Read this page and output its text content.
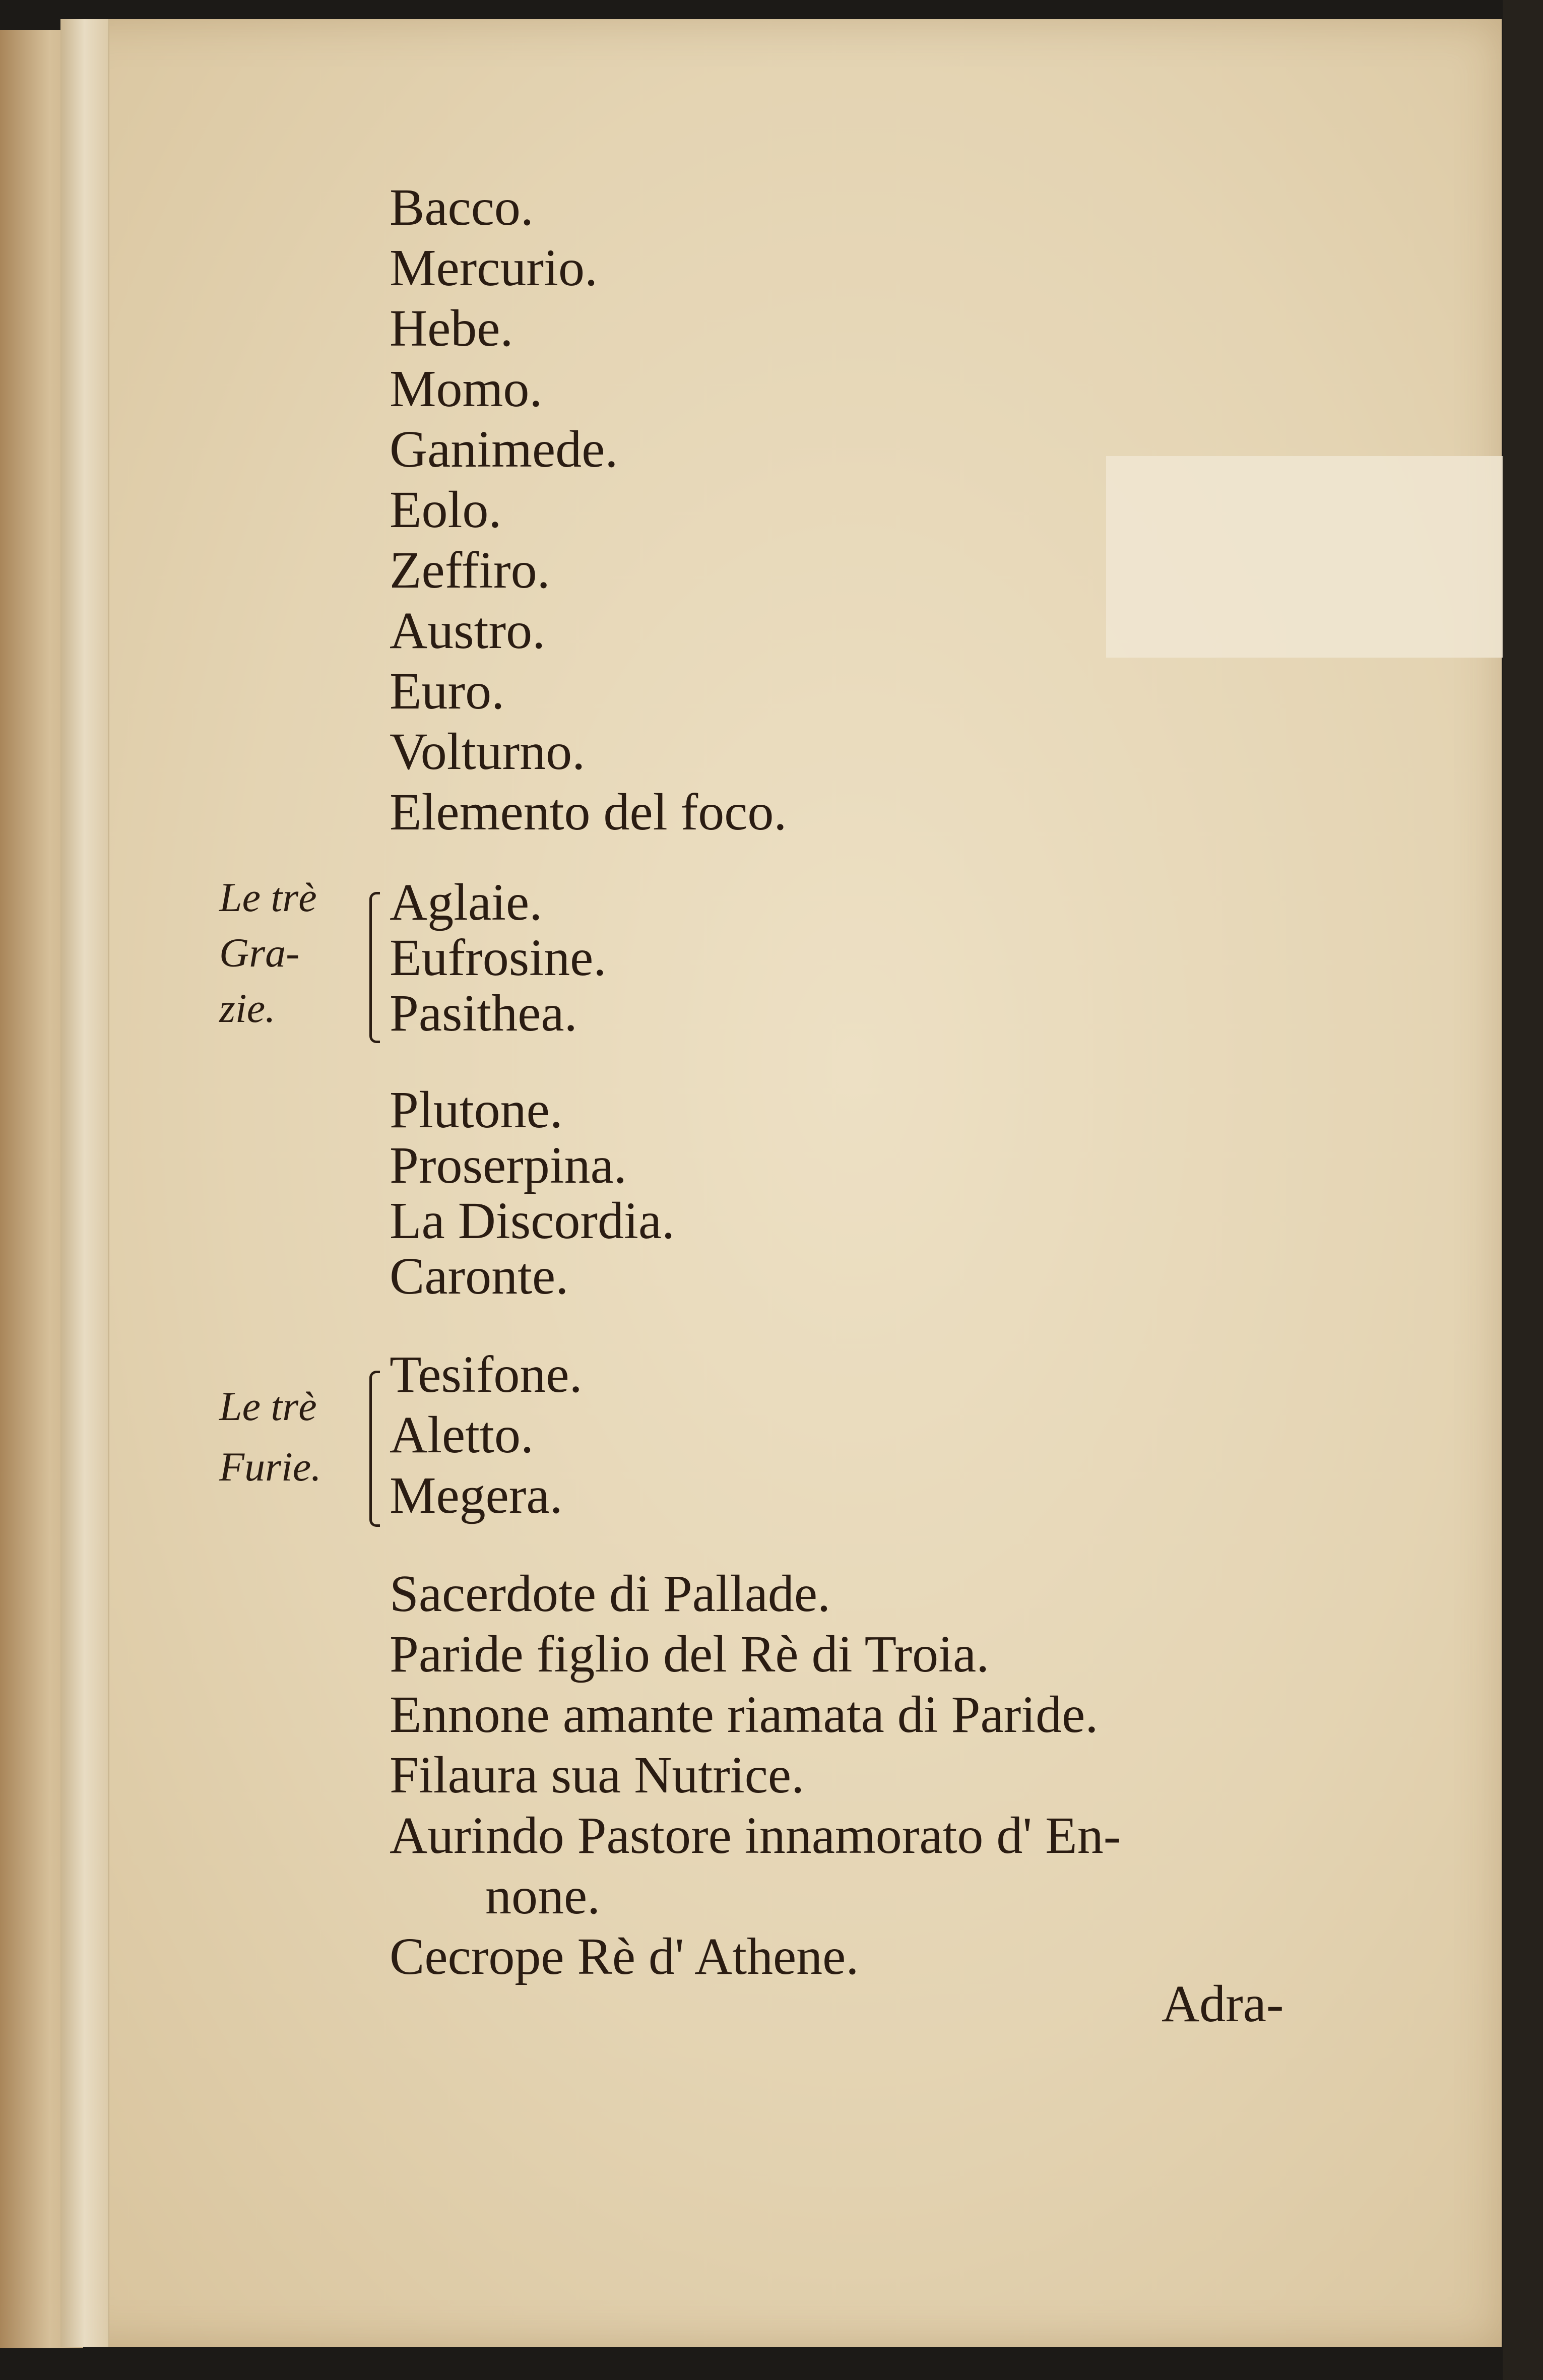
Bacco.
Mercurio.
Hebe.
Momo.
Ganimede.
Eolo.
Zeffiro.
Austro.
Euro.
Volturno.
Elemento del foco.
Le trè
Gra-
zie.
Aglaie.
Eufrosine.
Pasithea.
Plutone.
Proserpina.
La Discordia.
Caronte.
Le trè
Furie.
Tesifone.
Aletto.
Megera.
Sacerdote di Pallade.
Paride figlio del Rè di Troia.
Ennone amante riamata di Paride.
Filaura sua Nutrice.
Aurindo Pastore innamorato d' En-
none.
Cecrope Rè d' Athene.
Adra-
